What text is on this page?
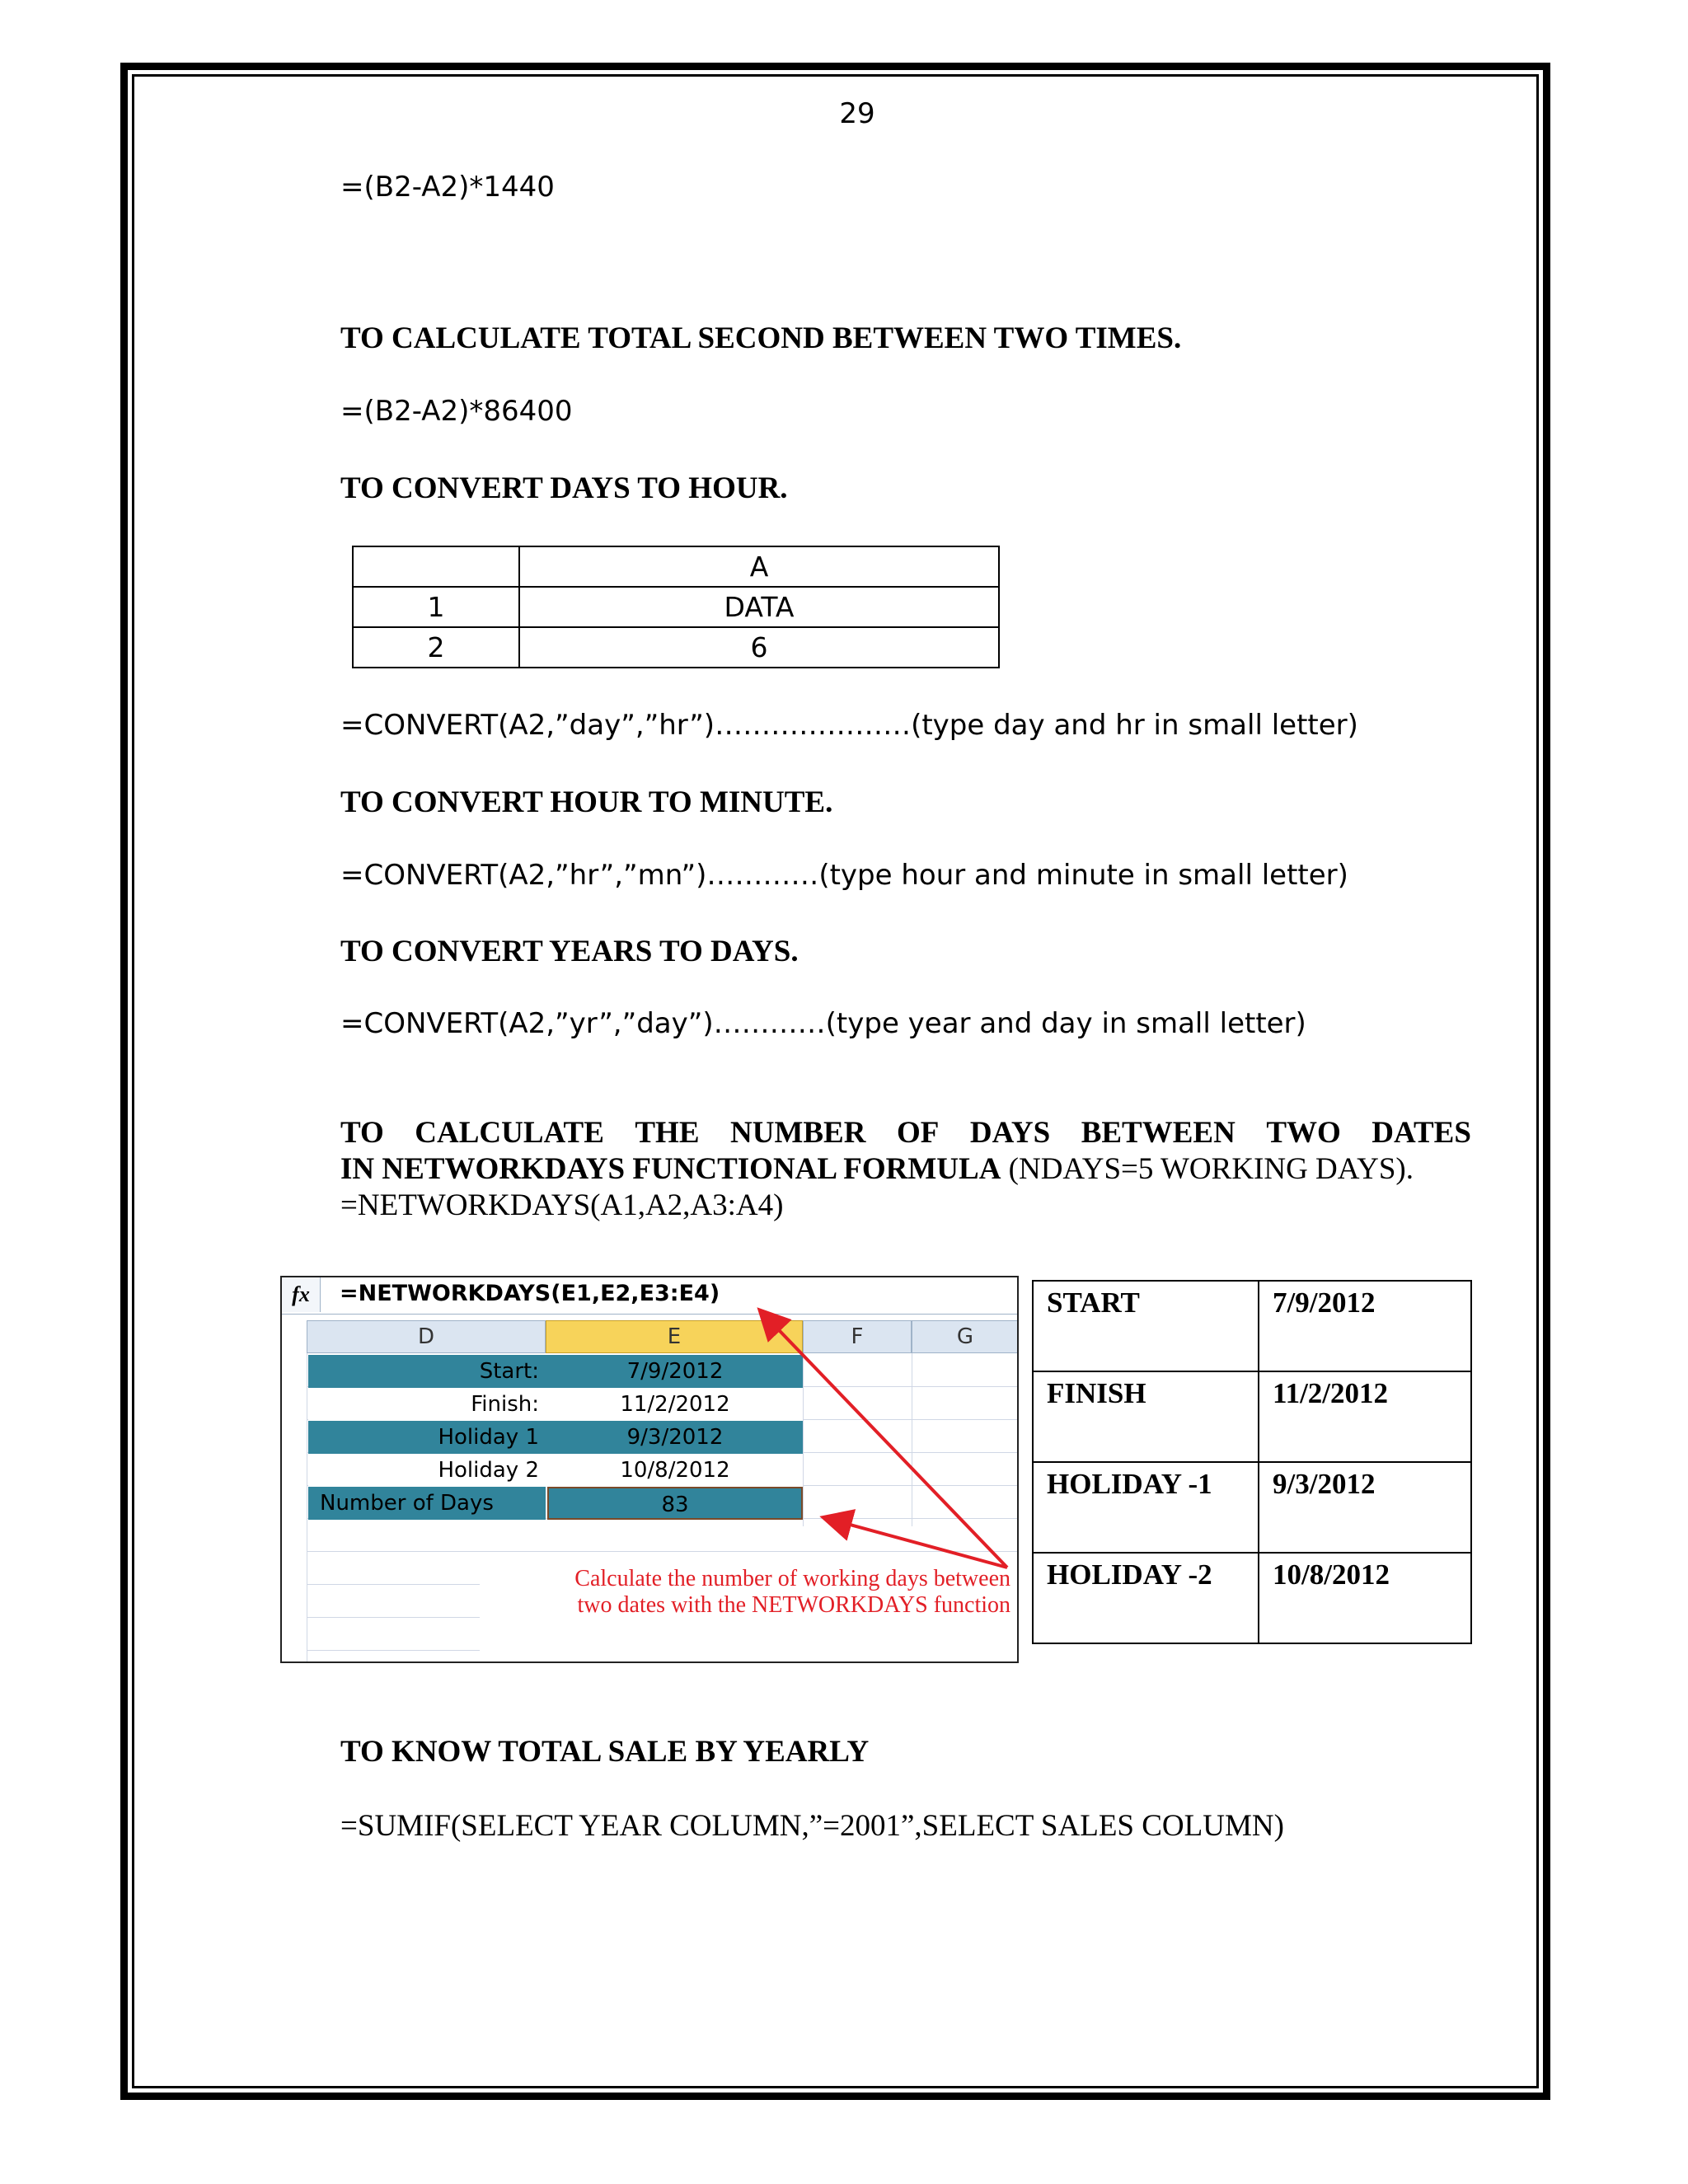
29
=(B2-A2)*1440
TO CALCULATE TOTAL SECOND BETWEEN TWO TIMES.
=(B2-A2)*86400
TO CONVERT DAYS TO HOUR.
	A
1	DATA
2	6
=CONVERT(A2,”day”,”hr”)…………………(type day and hr in small letter)
TO CONVERT HOUR TO MINUTE.
=CONVERT(A2,”hr”,”mn”)…………(type hour and minute in small letter)
TO CONVERT YEARS TO DAYS.
=CONVERT(A2,”yr”,”day”)…………(type year and day in small letter)
TO CALCULATE THE NUMBER OF DAYS BETWEEN TWO DATES
IN NETWORKDAYS FUNCTIONAL FORMULA (NDAYS=5 WORKING DAYS).
=NETWORKDAYS(A1,A2,A3:A4)
fx	=NETWORKDAYS(E1,E2,E3:E4)
D	E	F	G
Start:	7/9/2012
Finish:	11/2/2012
Holiday 1	9/3/2012
Holiday 2	10/8/2012
Number of Days	83
Calculate the number of working days between two dates with the NETWORKDAYS function
START	7/9/2012
FINISH	11/2/2012
HOLIDAY -1	9/3/2012
HOLIDAY -2	10/8/2012
TO KNOW TOTAL SALE BY YEARLY
=SUMIF(SELECT YEAR COLUMN,”=2001”,SELECT SALES COLUMN)
